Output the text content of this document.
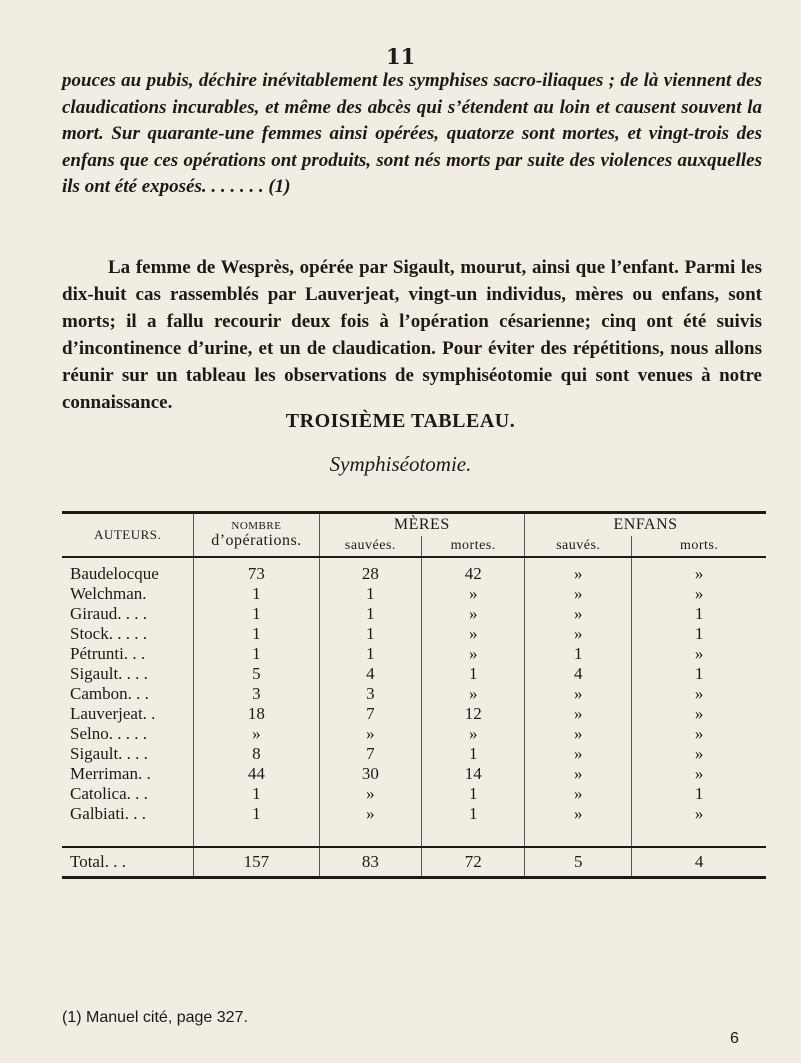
11

pouces au pubis, déchire inévitablement les symphises sacro-iliaques ; de là viennent des claudications incurables, et même des abcès qui s’étendent au loin et causent souvent la mort. Sur quarante-une femmes ainsi opérées, quatorze sont mortes, et vingt-trois des enfans que ces opérations ont produits, sont nés morts par suite des violences auxquelles ils ont été exposés. . . . . . . (1)

La femme de Wesprès, opérée par Sigault, mourut, ainsi que l’enfant. Parmi les dix-huit cas rassemblés par Lauverjeat, vingt-un individus, mères ou enfans, sont morts; il a fallu recourir deux fois à l’opération césarienne; cinq ont été suivis d’incontinence d’urine, et un de claudication. Pour éviter des répétitions, nous allons réunir sur un tableau les observations de symphiséotomie qui sont venues à notre connaissance.

TROISIÈME TABLEAU.
Symphiséotomie.
AUTEURS.	NOMBRE
d’opérations.	MÈRES		ENFANS	
		sauvées.	mortes.	sauvés.	morts.

Baudelocque	73	28	42	»	»
Welchman.	1	1	»	»	»
Giraud. . . .	1	1	»	»	1
Stock. . . . .	1	1	»	»	1
Pétrunti. . .	1	1	»	1	»
Sigault. . . .	5	4	1	4	1
Cambon. . .	3	3	»	»	»
Lauverjeat. .	18	7	12	»	»
Selno. . . . .	»	»	»	»	»
Sigault. . . .	8	7	1	»	»
Merriman. .	44	30	14	»	»
Catolica. . .	1	»	1	»	1
Galbiati. . .	1	»	1	»	»

Total. . .	157	83	72	5	4
(1) Manuel cité, page 327.
6
